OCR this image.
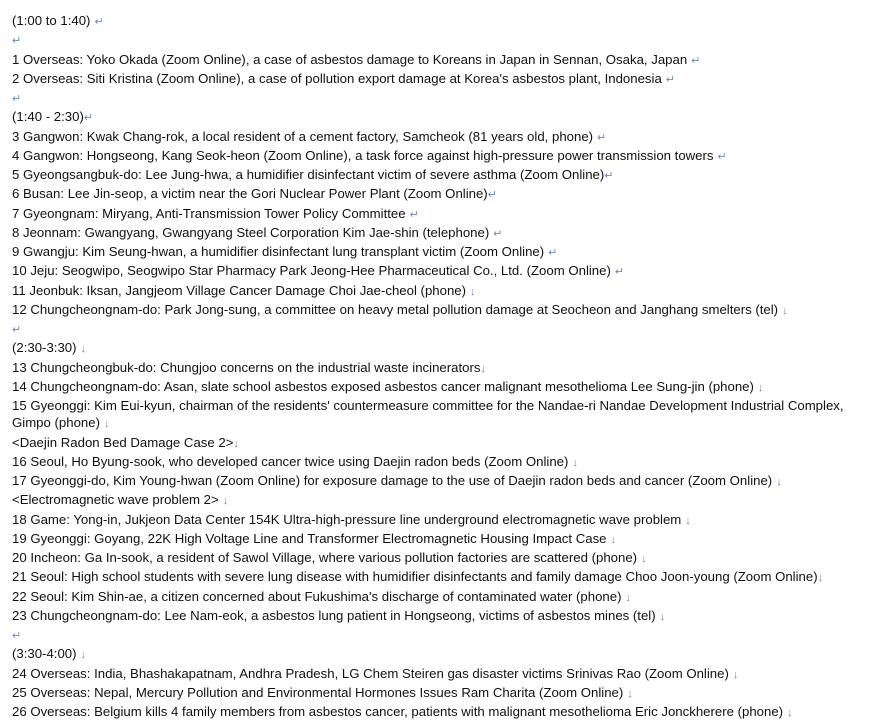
(1:00 to 1:40) ↵
↵
1 Overseas: Yoko Okada (Zoom Online), a case of asbestos damage to Koreans in Japan in Sennan, Osaka, Japan ↵
2 Overseas: Siti Kristina (Zoom Online), a case of pollution export damage at Korea's asbestos plant, Indonesia ↵
↵
(1:40 - 2:30)↵
3 Gangwon: Kwak Chang-rok, a local resident of a cement factory, Samcheok (81 years old, phone) ↵
4 Gangwon: Hongseong, Kang Seok-heon (Zoom Online), a task force against high-pressure power transmission towers ↵
5 Gyeongsangbuk-do: Lee Jung-hwa, a humidifier disinfectant victim of severe asthma (Zoom Online)↵
6 Busan: Lee Jin-seop, a victim near the Gori Nuclear Power Plant (Zoom Online)↵
7 Gyeongnam: Miryang, Anti-Transmission Tower Policy Committee ↵
8 Jeonnam: Gwangyang, Gwangyang Steel Corporation Kim Jae-shin (telephone) ↵
9 Gwangju: Kim Seung-hwan, a humidifier disinfectant lung transplant victim (Zoom Online) ↵
10 Jeju: Seogwipo, Seogwipo Star Pharmacy Park Jeong-Hee Pharmaceutical Co., Ltd. (Zoom Online) ↵
11 Jeonbuk: Iksan, Jangjeom Village Cancer Damage Choi Jae-cheol (phone) ↓
12 Chungcheongnam-do: Park Jong-sung, a committee on heavy metal pollution damage at Seocheon and Janghang smelters (tel) ↓
↵
(2:30-3:30) ↓
13 Chungcheongbuk-do: Chungjoo concerns on the industrial waste incinerators↓
14 Chungcheongnam-do: Asan, slate school asbestos exposed asbestos cancer malignant mesothelioma Lee Sung-jin (phone) ↓
15 Gyeonggi: Kim Eui-kyun, chairman of the residents' countermeasure committee for the Nandae-ri Nandae Development Industrial Complex, Gimpo (phone) ↓
<Daejin Radon Bed Damage Case 2>↓
16 Seoul, Ho Byung-sook, who developed cancer twice using Daejin radon beds (Zoom Online) ↓
17 Gyeonggi-do, Kim Young-hwan (Zoom Online) for exposure damage to the use of Daejin radon beds and cancer (Zoom Online) ↓
<Electromagnetic wave problem 2> ↓
18 Game: Yong-in, Jukjeon Data Center 154K Ultra-high-pressure line underground electromagnetic wave problem ↓
19 Gyeonggi: Goyang, 22K High Voltage Line and Transformer Electromagnetic Housing Impact Case ↓
20 Incheon: Ga In-sook, a resident of Sawol Village, where various pollution factories are scattered (phone) ↓
21 Seoul: High school students with severe lung disease with humidifier disinfectants and family damage Choo Joon-young (Zoom Online)↓
22 Seoul: Kim Shin-ae, a citizen concerned about Fukushima's discharge of contaminated water (phone) ↓
23 Chungcheongnam-do: Lee Nam-eok, a asbestos lung patient in Hongseong, victims of asbestos mines (tel) ↓
↵
(3:30-4:00) ↓
24 Overseas: India, Bhashakapatnam, Andhra Pradesh, LG Chem Steiren gas disaster victims Srinivas Rao (Zoom Online) ↓
25 Overseas: Nepal, Mercury Pollution and Environmental Hormones Issues Ram Charita (Zoom Online) ↓
26 Overseas: Belgium kills 4 family members from asbestos cancer, patients with malignant mesothelioma Eric Jonckherere (phone) ↓
